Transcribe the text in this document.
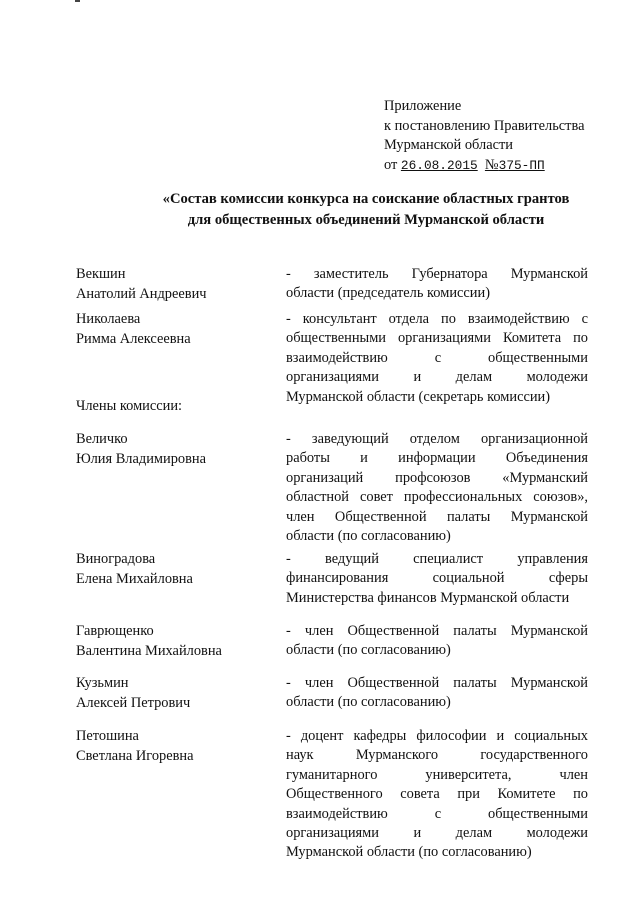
Приложение
к постановлению Правительства
Мурманской области
от 26.08.2015 №375-ПП
«Состав комиссии конкурса на соискание областных грантов
для общественных объединений Мурманской области
Векшин
Анатолий Андреевич
- заместитель Губернатора Мурманской
области (председатель комиссии)
Николаева
Римма Алексеевна
- консультант отдела по взаимодействию с
общественными организациями Комитета по
взаимодействию с общественными
организациями и делам молодежи
Мурманской области (секретарь комиссии)
Члены комиссии:
Величко
Юлия Владимировна
- заведующий отделом организационной
работы и информации Объединения
организаций профсоюзов «Мурманский
областной совет профессиональных союзов»,
член Общественной палаты Мурманской
области (по согласованию)
Виноградова
Елена Михайловна
- ведущий специалист управления
финансирования социальной сферы
Министерства финансов Мурманской области
Гаврющенко
Валентина Михайловна
- член Общественной палаты Мурманской
области (по согласованию)
Кузьмин
Алексей Петрович
- член Общественной палаты Мурманской
области (по согласованию)
Петошина
Светлана Игоревна
- доцент кафедры философии и социальных
наук Мурманского государственного
гуманитарного университета, член
Общественного совета при Комитете по
взаимодействию с общественными
организациями и делам молодежи
Мурманской области (по согласованию)
